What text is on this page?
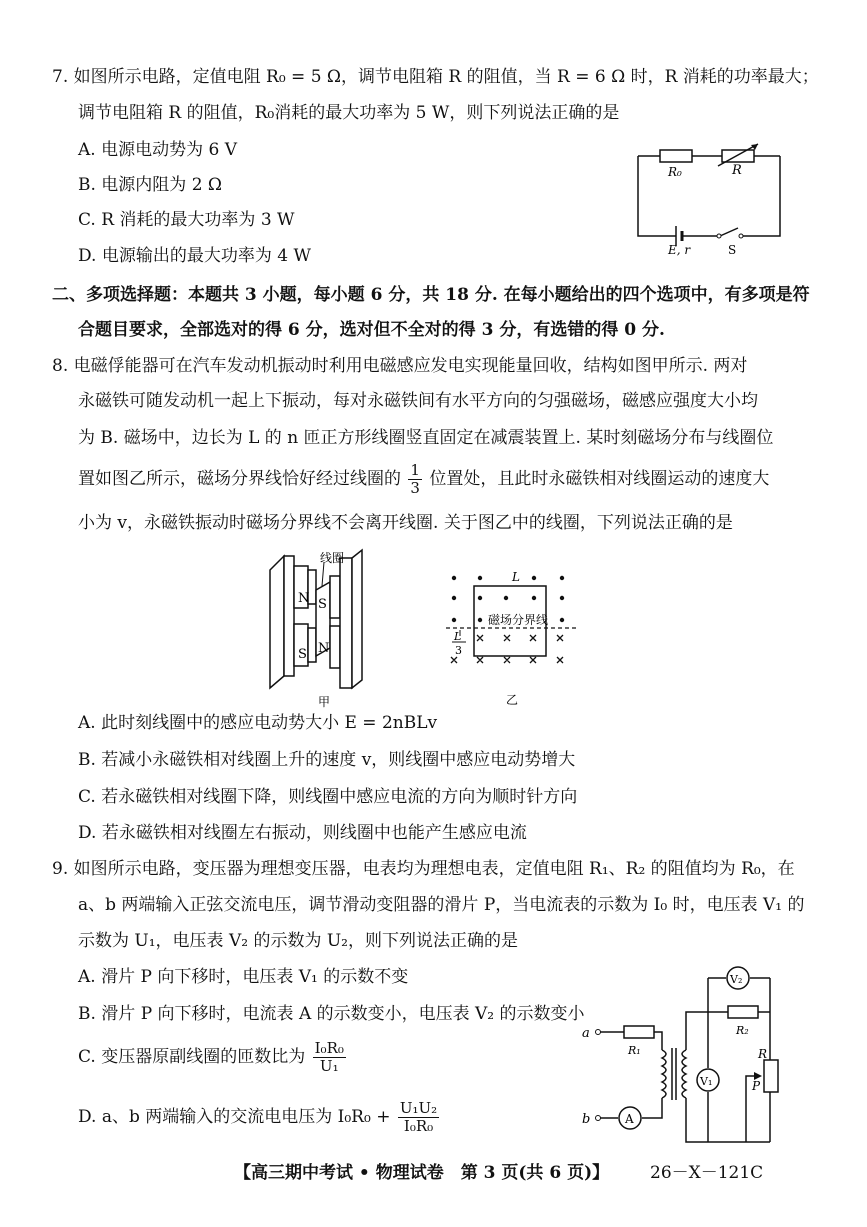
7. 如图所示电路，定值电阻 R₀ = 5 Ω，调节电阻箱 R 的阻值，当 R = 6 Ω 时，R 消耗的功率最大；
调节电阻箱 R 的阻值，R₀消耗的最大功率为 5 W，则下列说法正确的是
A. 电源电动势为 6 V
B. 电源内阻为 2 Ω
C. R 消耗的最大功率为 3 W
D. 电源输出的最大功率为 4 W
R₀	R
E, r	S
二、多项选择题：本题共 3 小题，每小题 6 分，共 18 分. 在每小题给出的四个选项中，有多项是符
合题目要求，全部选对的得 6 分，选对但不全对的得 3 分，有选错的得 0 分.
8. 电磁俘能器可在汽车发动机振动时利用电磁感应发电实现能量回收，结构如图甲所示. 两对
永磁铁可随发动机一起上下振动，每对永磁铁间有水平方向的匀强磁场，磁感应强度大小均
为 B. 磁场中，边长为 L 的 n 匝正方形线圈竖直固定在减震装置上. 某时刻磁场分布与线圈位
置如图乙所示，磁场分界线恰好经过线圈的 $\frac{1}{3}$ 位置处，且此时永磁铁相对线圈运动的速度大
小为 v，永磁铁振动时磁场分界线不会离开线圈. 关于图乙中的线圈，下列说法正确的是
N
S
S
N
线圈
甲
L
磁场分界线
L
3
乙
A. 此时刻线圈中的感应电动势大小 E = 2nBLv
B. 若减小永磁铁相对线圈上升的速度 v，则线圈中感应电动势增大
C. 若永磁铁相对线圈下降，则线圈中感应电流的方向为顺时针方向
D. 若永磁铁相对线圈左右振动，则线圈中也能产生感应电流
9. 如图所示电路，变压器为理想变压器，电表均为理想电表，定值电阻 R₁、R₂ 的阻值均为 R₀，在
a、b 两端输入正弦交流电压，调节滑动变阻器的滑片 P，当电流表的示数为 I₀ 时，电压表 V₁ 的
示数为 U₁，电压表 V₂ 的示数为 U₂，则下列说法正确的是
A. 滑片 P 向下移时，电压表 V₁ 的示数不变
B. 滑片 P 向下移时，电流表 A 的示数变小，电压表 V₂ 的示数变小
C. 变压器原副线圈的匝数比为 $\frac{\text{I₀R₀}}{\text{U₁}}$
D. a、b 两端输入的交流电电压为 $I_0R_0 + \frac{\text{U₁U₂}}{\text{I₀R₀}}$
a
b
R₁
R₂
V₂
V₁
A
R
P
【高三期中考试 • 物理试卷　第 3 页(共 6 页)】 26－X－121C
